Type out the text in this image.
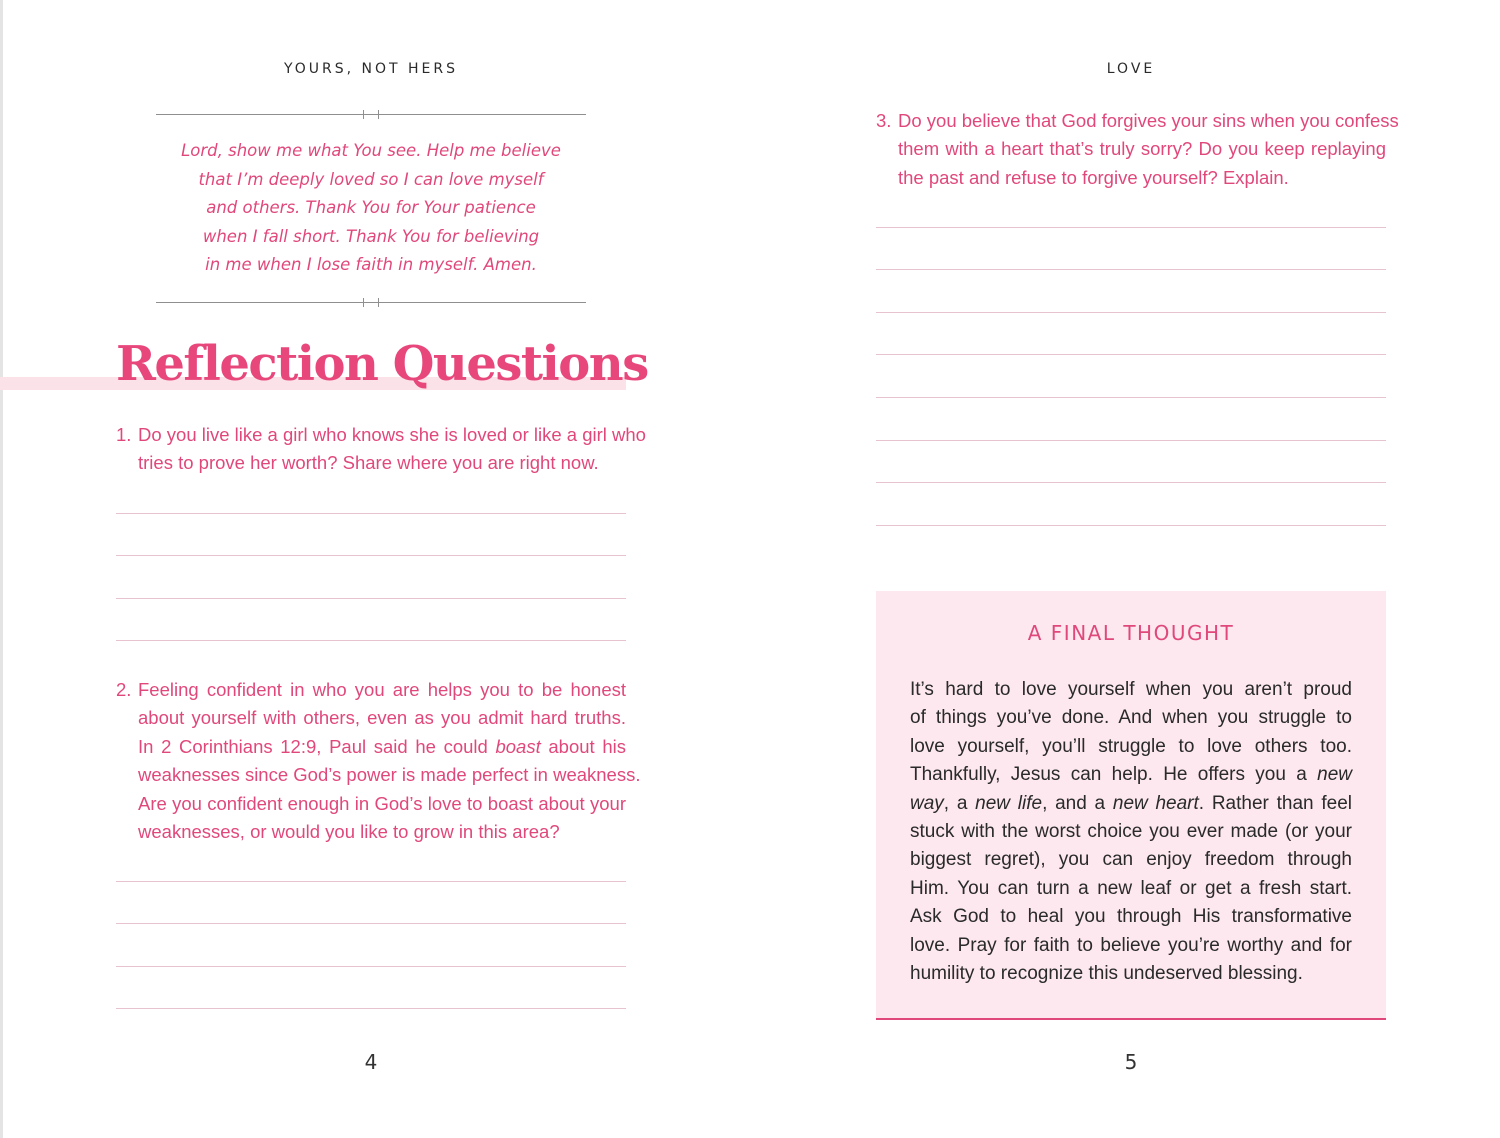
YOURS, NOT HERS
Lord, show me what You see. Help me believe
that I’m deeply loved so I can love myself
and others. Thank You for Your patience
when I fall short. Thank You for believing
in me when I lose faith in myself. Amen.
Reflection Questions
1. Do you live like a girl who knows she is loved or like a girl who
tries to prove her worth? Share where you are right now.
2. Feeling confident in who you are helps you to be honest
about yourself with others, even as you admit hard truths.
In 2 Corinthians 12:9, Paul said he could boast about his
weaknesses since God’s power is made perfect in weakness.
Are you confident enough in God’s love to boast about your
weaknesses, or would you like to grow in this area?
4
LOVE
3. Do you believe that God forgives your sins when you confess
them with a heart that’s truly sorry? Do you keep replaying
the past and refuse to forgive yourself? Explain.
A FINAL THOUGHT
It’s hard to love yourself when you aren’t proud
of things you’ve done. And when you struggle to
love yourself, you’ll struggle to love others too.
Thankfully, Jesus can help. He offers you a new
way, a new life, and a new heart. Rather than feel
stuck with the worst choice you ever made (or your
biggest regret), you can enjoy freedom through
Him. You can turn a new leaf or get a fresh start.
Ask God to heal you through His transformative
love. Pray for faith to believe you’re worthy and for
humility to recognize this undeserved blessing.
5
